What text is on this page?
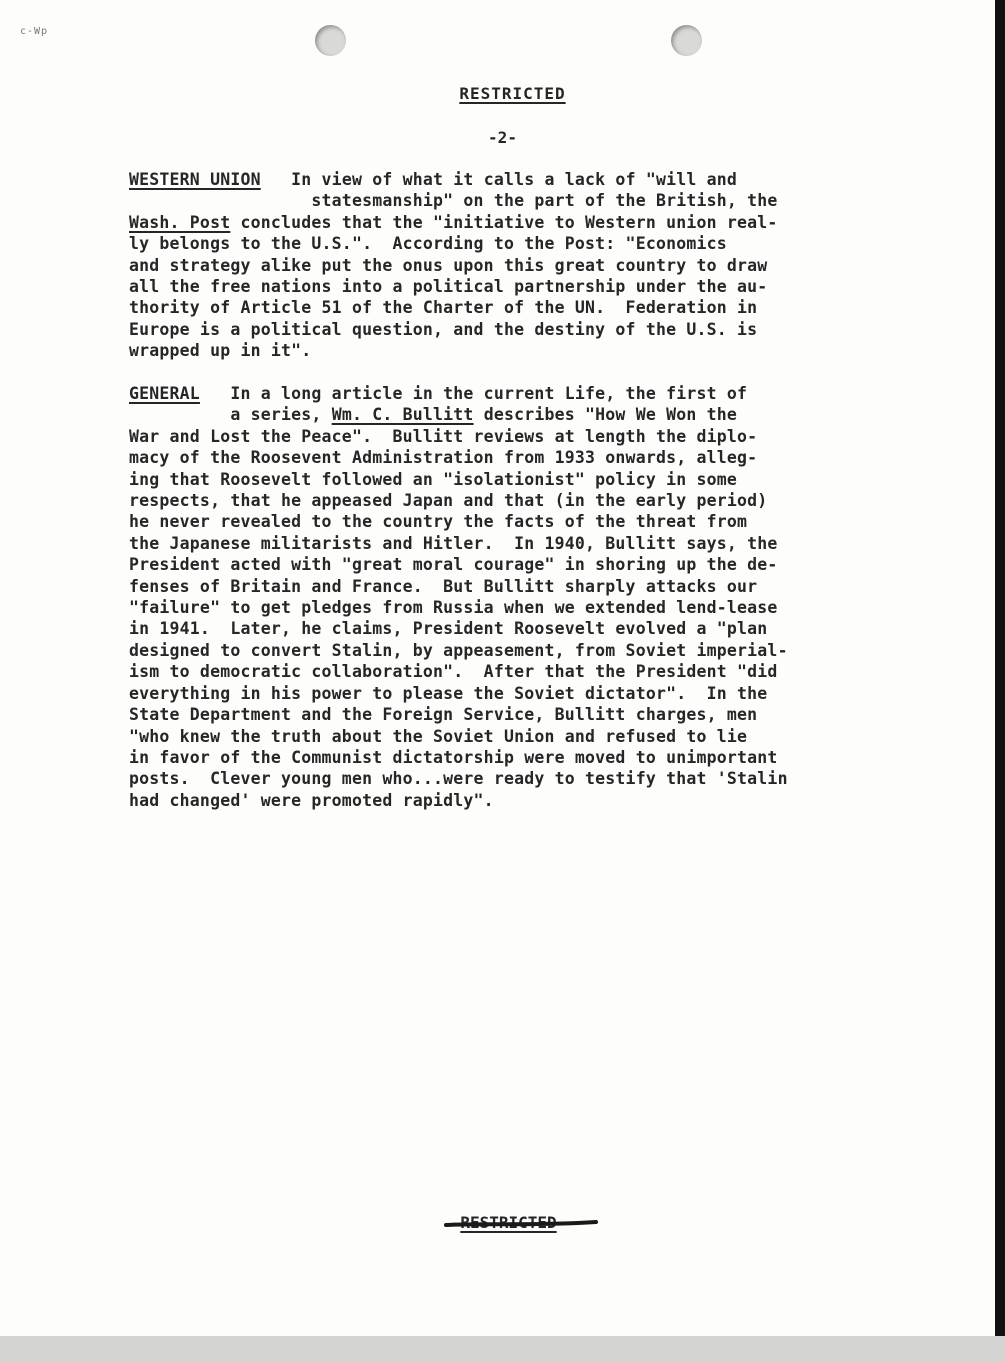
c-Wp
RESTRICTED
-2-
WESTERN UNION   In view of what it calls a lack of "will and
statesmanship" on the part of the British, the
Wash. Post concludes that the "initiative to Western union real-
ly belongs to the U.S.".  According to the Post: "Economics
and strategy alike put the onus upon this great country to draw
all the free nations into a political partnership under the au-
thority of Article 51 of the Charter of the UN.  Federation in
Europe is a political question, and the destiny of the U.S. is
wrapped up in it".
GENERAL   In a long article in the current Life, the first of
a series, Wm. C. Bullitt describes "How We Won the
War and Lost the Peace".  Bullitt reviews at length the diplo-
macy of the Roosevent Administration from 1933 onwards, alleg-
ing that Roosevelt followed an "isolationist" policy in some
respects, that he appeased Japan and that (in the early period)
he never revealed to the country the facts of the threat from
the Japanese militarists and Hitler.  In 1940, Bullitt says, the
President acted with "great moral courage" in shoring up the de-
fenses of Britain and France.  But Bullitt sharply attacks our
"failure" to get pledges from Russia when we extended lend-lease
in 1941.  Later, he claims, President Roosevelt evolved a "plan
designed to convert Stalin, by appeasement, from Soviet imperial-
ism to democratic collaboration".  After that the President "did
everything in his power to please the Soviet dictator".  In the
State Department and the Foreign Service, Bullitt charges, men
"who knew the truth about the Soviet Union and refused to lie
in favor of the Communist dictatorship were moved to unimportant
posts.  Clever young men who...were ready to testify that 'Stalin
had changed' were promoted rapidly".
RESTRICTED
